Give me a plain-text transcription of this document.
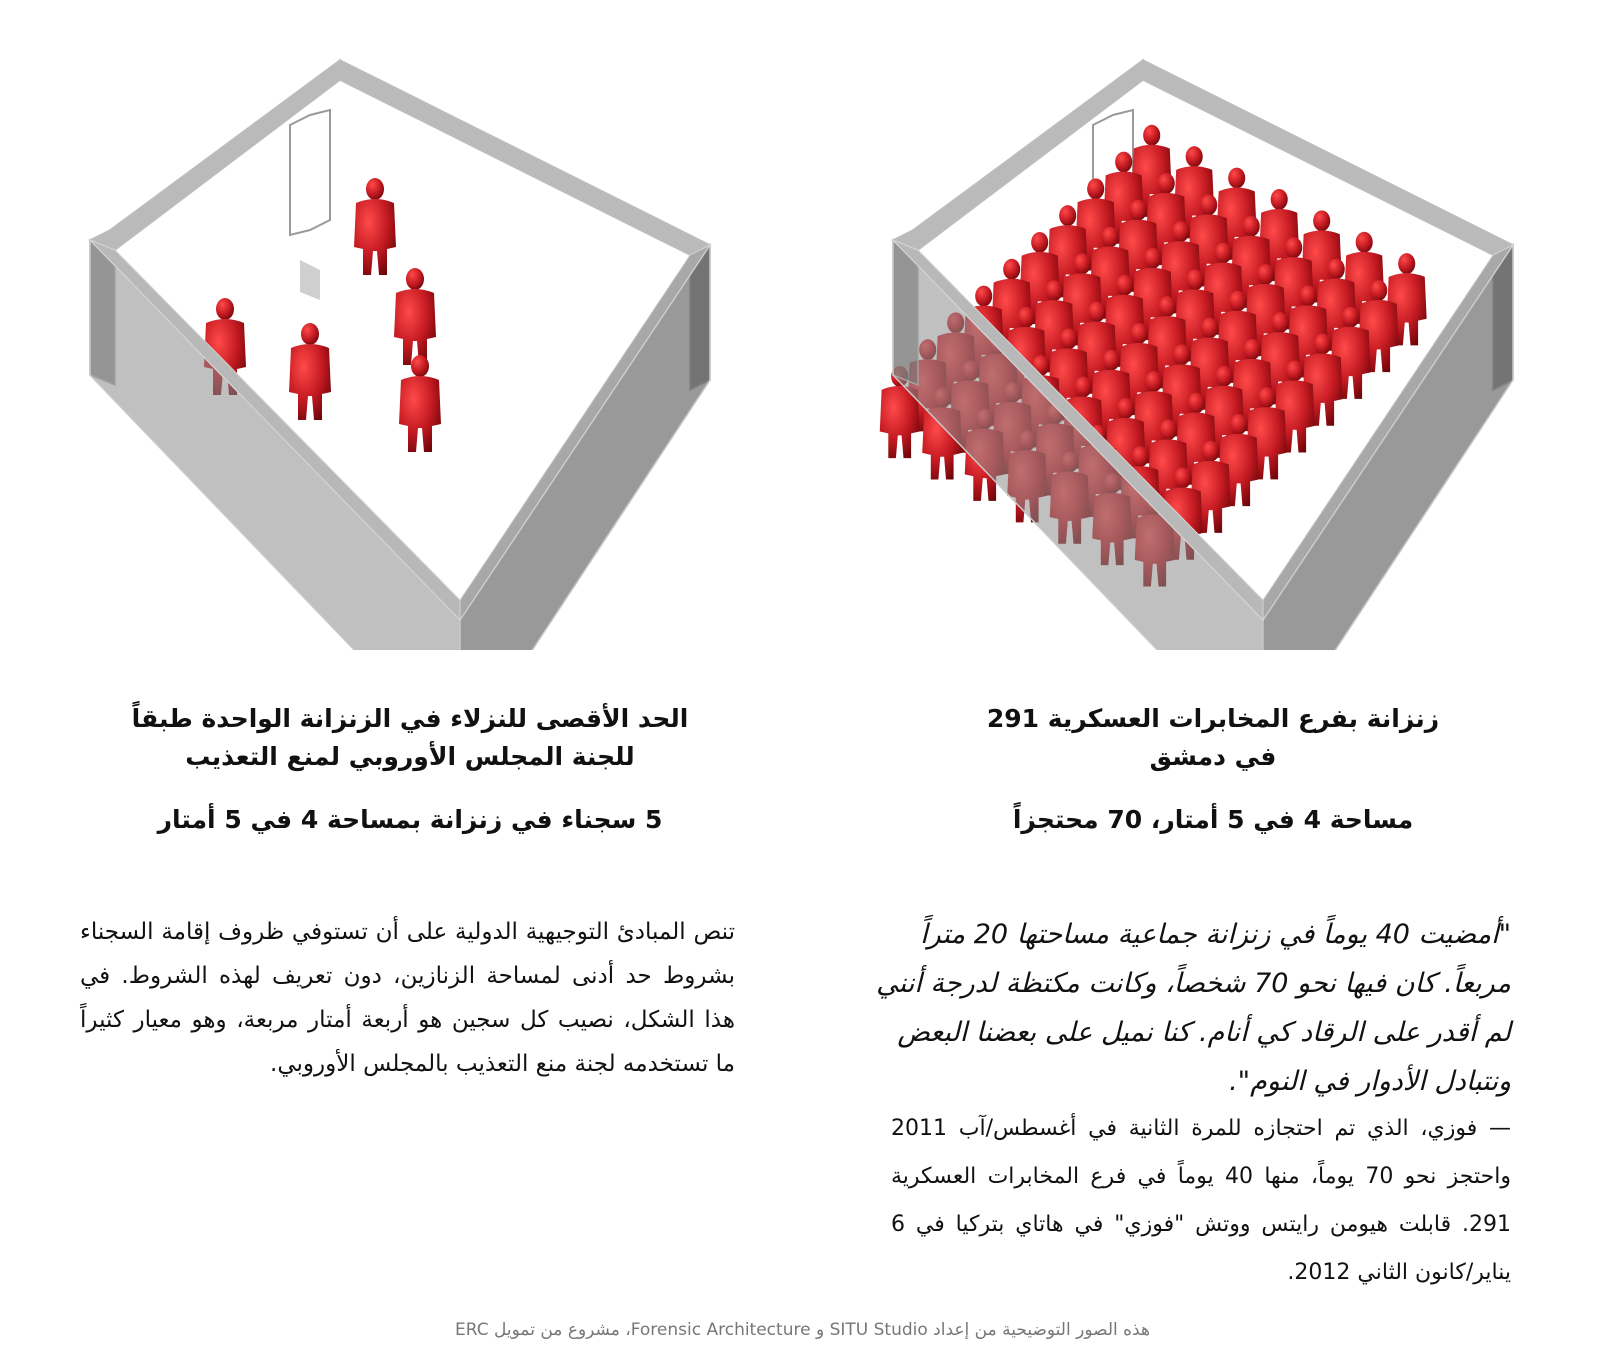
الحد الأقصى للنزلاء في الزنزانة الواحدة طبقاً
للجنة المجلس الأوروبي لمنع التعذيب
5 سجناء في زنزانة بمساحة 4 في 5 أمتار
تنص المبادئ التوجيهية الدولية على أن تستوفي ظروف إقامة السجناء بشروط حد أدنى لمساحة الزنازين، دون تعريف لهذه الشروط. في هذا الشكل، نصيب كل سجين هو أربعة أمتار مربعة، وهو معيار كثيراً ما تستخدمه لجنة منع التعذيب بالمجلس الأوروبي.
زنزانة بفرع المخابرات العسكرية 291
في دمشق
مساحة 4 في 5 أمتار، 70 محتجزاً
"أمضيت 40 يوماً في زنزانة جماعية مساحتها 20 متراً مربعاً. كان فيها نحو 70 شخصاً، وكانت مكتظة لدرجة أنني لم أقدر على الرقاد كي أنام. كنا نميل على بعضنا البعض ونتبادل الأدوار في النوم".
— فوزي، الذي تم احتجازه للمرة الثانية في أغسطس/آب 2011 واحتجز نحو 70 يوماً، منها 40 يوماً في فرع المخابرات العسكرية 291. قابلت هيومن رايتس ووتش "فوزي" في هاتاي بتركيا في 6 يناير/كانون الثاني 2012.
هذه الصور التوضيحية من إعداد SITU Studio و Forensic Architecture، مشروع من تمويل ERC
